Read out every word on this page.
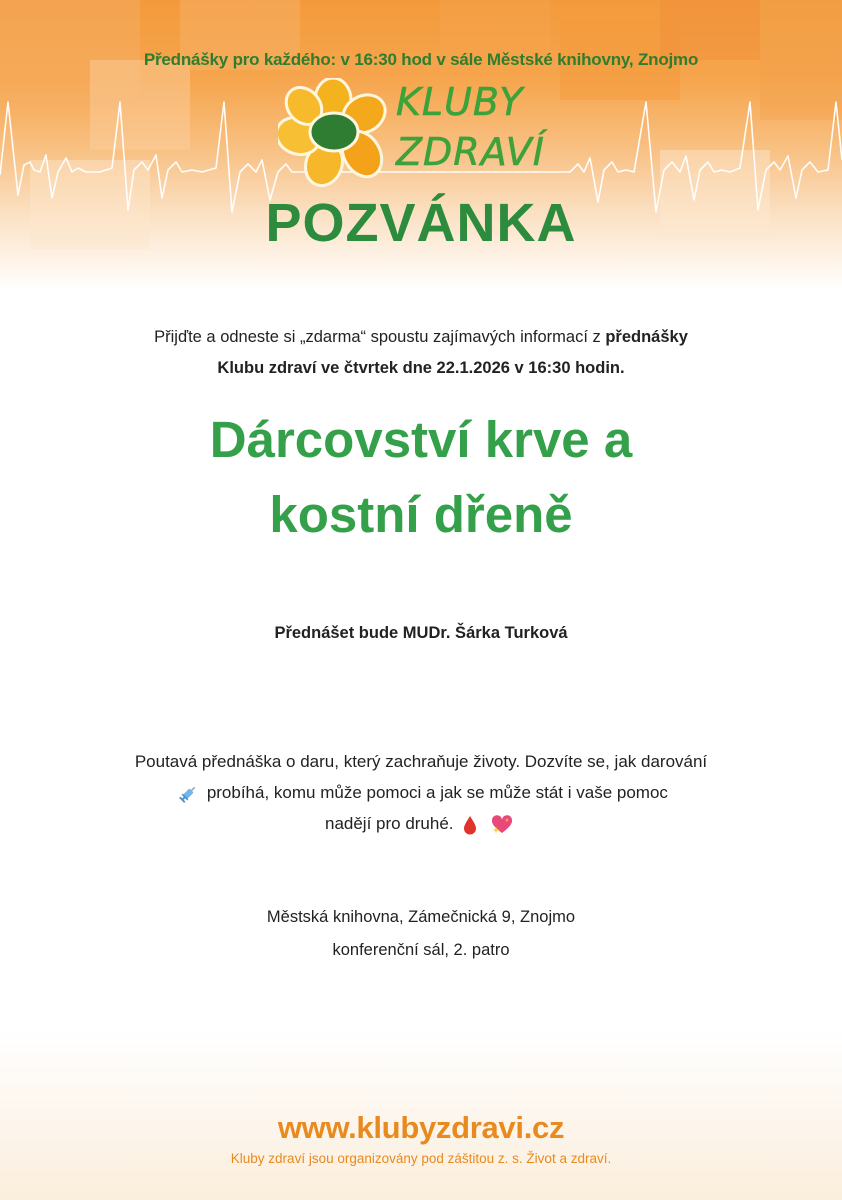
Přednášky pro každého: v 16:30 hod v sále Městské knihovny, Znojmo
KLUBY
ZDRAVÍ
POZVÁNKA
Přijďte a odneste si „zdarma“ spoustu zajímavých informací z přednášky
Klubu zdraví ve čtvrtek dne 22.1.2026 v 16:30 hodin.
Dárcovství krve a
kostní dřeně
Přednášet bude MUDr. Šárka Turková
Poutavá přednáška o daru, který zachraňuje životy. Dozvíte se, jak darování
probíhá, komu může pomoci a jak se může stát i vaše pomoc
nadějí pro druhé.
Městská knihovna, Zámečnická 9, Znojmo
konferenční sál, 2. patro
www.klubyzdravi.cz
Kluby zdraví jsou organizovány pod záštitou z. s. Život a zdraví.
